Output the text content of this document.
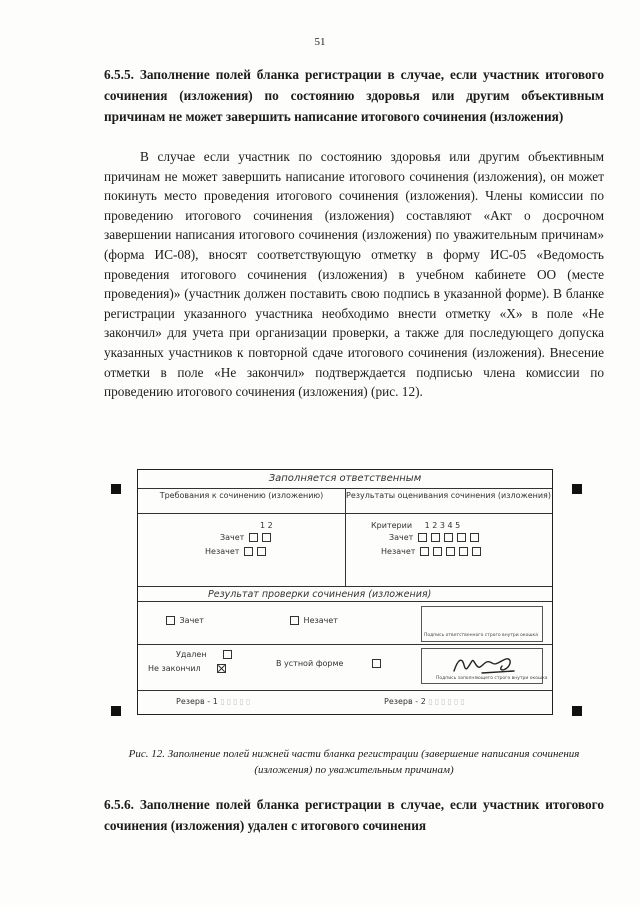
51
6.5.5. Заполнение полей бланка регистрации в случае, если участник итогового сочинения (изложения) по состоянию здоровья или другим объективным причинам не может завершить написание итогового сочинения (изложения)
В случае если участник по состоянию здоровья или другим объективным причинам не может завершить написание итогового сочинения (изложения), он может покинуть место проведения итогового сочинения (изложения). Члены комиссии по проведению итогового сочинения (изложения) составляют «Акт о досрочном завершении написания итогового сочинения (изложения) по уважительным причинам» (форма ИС-08), вносят соответствующую отметку в форму ИС-05 «Ведомость проведения итогового сочинения (изложения) в учебном кабинете ОО (месте проведения)» (участник должен поставить свою подпись в указанной форме). В бланке регистрации указанного участника необходимо внести отметку «X» в поле «Не закончил» для учета при организации проверки, а также для последующего допуска указанных участников к повторной сдаче итогового сочинения (изложения). Внесение отметки в поле «Не закончил» подтверждается подписью члена комиссии по проведению итогового сочинения (изложения) (рис. 12).
Заполняется ответственным
Требования к сочинению (изложению)
1 2
Зачет
Незачет
Результаты оценивания сочинения (изложения)
Критерии 1 2 3 4 5
Зачет
Незачет
Результат проверки сочинения (изложения)
Зачет	Незачет
Подпись ответственного строго внутри окошка
Удален
Не закончил
В устной форме
Подпись заполняющего строго внутри окошка
Резерв - 1 ▯▯▯▯▯	Резерв - 2 ▯▯▯▯▯▯
Рис. 12. Заполнение полей нижней части бланка регистрации (завершение написания сочинения (изложения) по уважительным причинам)
6.5.6. Заполнение полей бланка регистрации в случае, если участник итогового сочинения (изложения) удален с итогового сочинения
